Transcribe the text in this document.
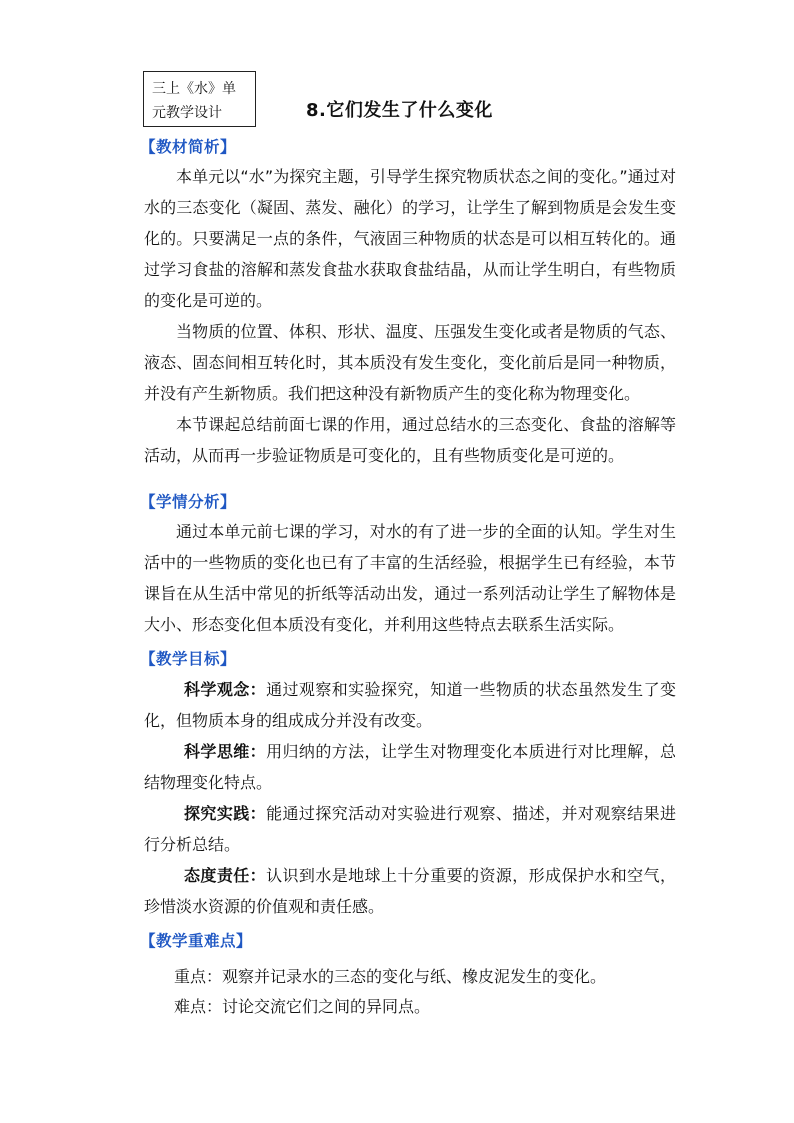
三上《水》单
元教学设计	8.它们发生了什么变化
【教材简析】

本单元以“水”为探究主题，引导学生探究物质状态之间的变化。”通过对水的三态变化（凝固、蒸发、融化）的学习，让学生了解到物质是会发生变化的。只要满足一点的条件，气液固三种物质的状态是可以相互转化的。通过学习食盐的溶解和蒸发食盐水获取食盐结晶，从而让学生明白，有些物质的变化是可逆的。

当物质的位置、体积、形状、温度、压强发生变化或者是物质的气态、液态、固态间相互转化时，其本质没有发生变化，变化前后是同一种物质，并没有产生新物质。我们把这种没有新物质产生的变化称为物理变化。

本节课起总结前面七课的作用，通过总结水的三态变化、食盐的溶解等活动，从而再一步验证物质是可变化的，且有些物质变化是可逆的。

【学情分析】

通过本单元前七课的学习，对水的有了进一步的全面的认知。学生对生活中的一些物质的变化也已有了丰富的生活经验，根据学生已有经验，本节课旨在从生活中常见的折纸等活动出发，通过一系列活动让学生了解物体是大小、形态变化但本质没有变化，并利用这些特点去联系生活实际。

【教学目标】

科学观念：通过观察和实验探究，知道一些物质的状态虽然发生了变化，但物质本身的组成成分并没有改变。

科学思维：用归纳的方法，让学生对物理变化本质进行对比理解，总结物理变化特点。

探究实践：能通过探究活动对实验进行观察、描述，并对观察结果进行分析总结。

态度责任：认识到水是地球上十分重要的资源，形成保护水和空气，珍惜淡水资源的价值观和责任感。

【教学重难点】

重点：观察并记录水的三态的变化与纸、橡皮泥发生的变化。

难点：讨论交流它们之间的异同点。
